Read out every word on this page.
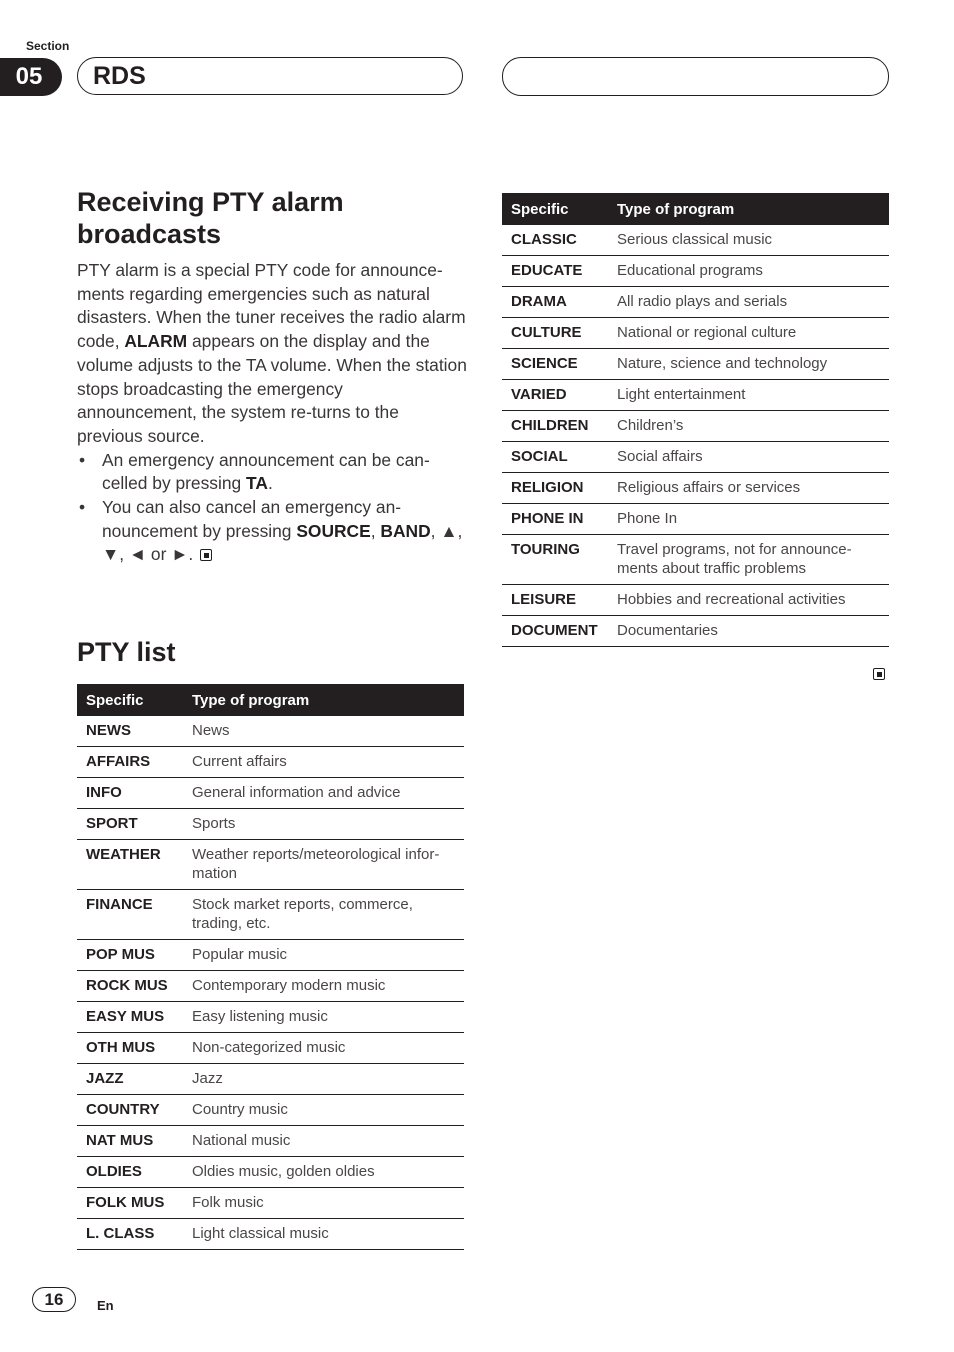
Section
05	RDS
Receiving PTY alarm broadcasts

PTY alarm is a special PTY code for announce-ments regarding emergencies such as natural disasters. When the tuner receives the radio alarm code, ALARM appears on the display and the volume adjusts to the TA volume. When the station stops broadcasting the emergency announcement, the system re-turns to the previous source.

• An emergency announcement can be can-celled by pressing TA.
• You can also cancel an emergency an-nouncement by pressing SOURCE, BAND, ▲, ▼, ◄ or ►.
PTY list
Specific	Type of program
NEWS	News
AFFAIRS	Current affairs
INFO	General information and advice
SPORT	Sports
WEATHER	Weather reports/meteorological infor-mation
FINANCE	Stock market reports, commerce, trading, etc.
POP MUS	Popular music
ROCK MUS	Contemporary modern music
EASY MUS	Easy listening music
OTH MUS	Non-categorized music
JAZZ	Jazz
COUNTRY	Country music
NAT MUS	National music
OLDIES	Oldies music, golden oldies
FOLK MUS	Folk music
L. CLASS	Light classical music
Specific	Type of program
CLASSIC	Serious classical music
EDUCATE	Educational programs
DRAMA	All radio plays and serials
CULTURE	National or regional culture
SCIENCE	Nature, science and technology
VARIED	Light entertainment
CHILDREN	Children’s
SOCIAL	Social affairs
RELIGION	Religious affairs or services
PHONE IN	Phone In
TOURING	Travel programs, not for announce-ments about traffic problems
LEISURE	Hobbies and recreational activities
DOCUMENT	Documentaries
16	En
